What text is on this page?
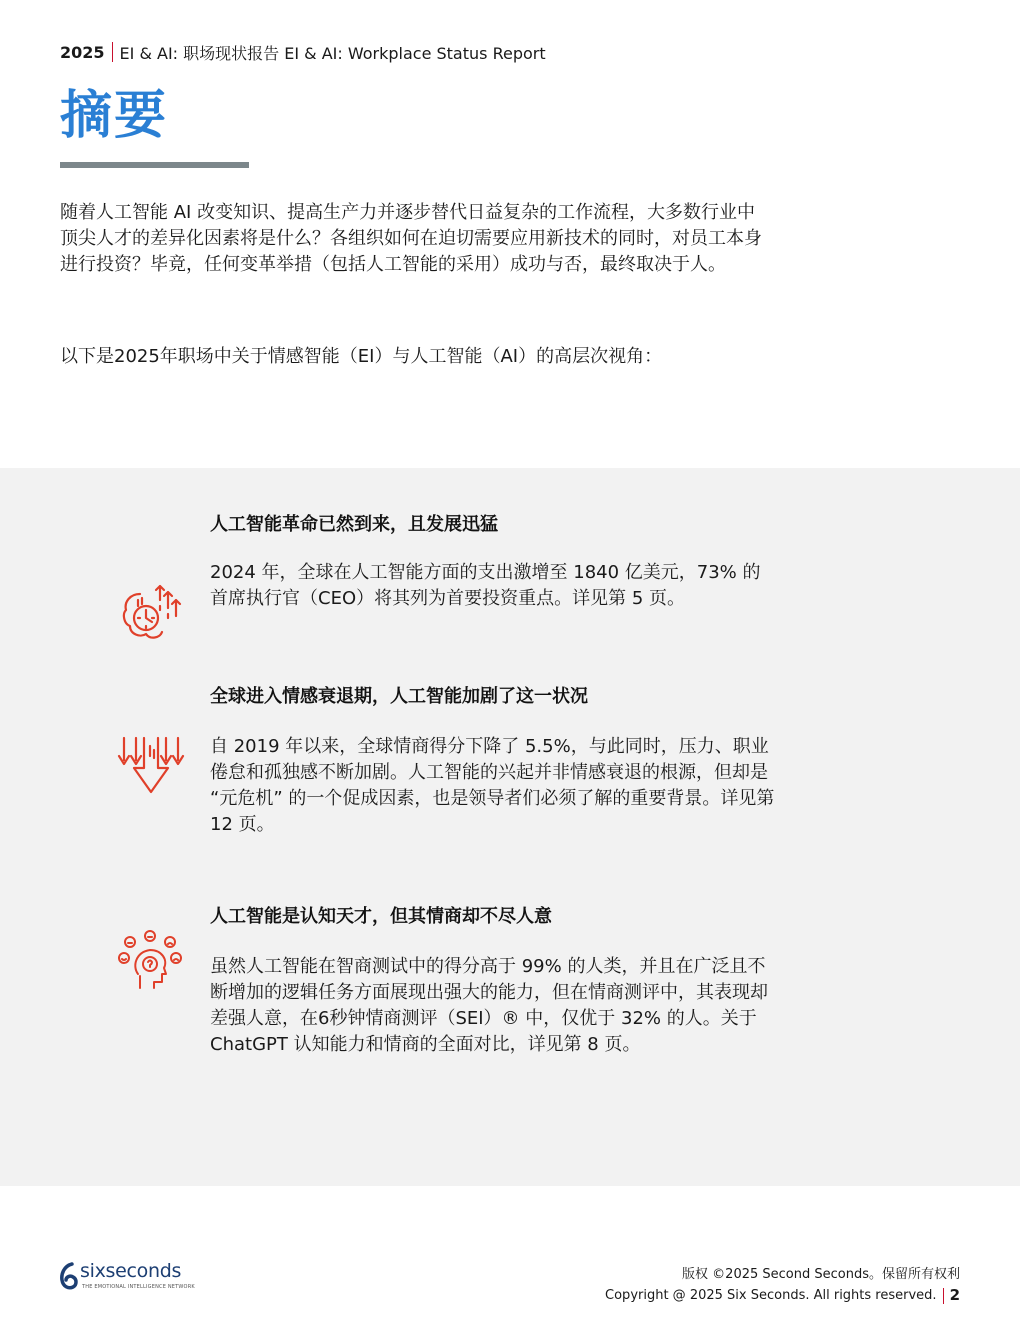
2025 EI & AI: 职场现状报告 EI & AI: Workplace Status Report
摘要

随着人工智能 AI 改变知识、提高生产力并逐步替代日益复杂的工作流程，大多数行业中顶尖人才的差异化因素将是什么？各组织如何在迫切需要应用新技术的同时，对员工本身进行投资？毕竟，任何变革举措（包括人工智能的采用）成功与否，最终取决于人。

以下是2025年职场中关于情感智能（EI）与人工智能（AI）的高层次视角：

人工智能革命已然到来，且发展迅猛
2024 年，全球在人工智能方面的支出激增至 1840 亿美元，73% 的首席执行官（CEO）将其列为首要投资重点。详见第 5 页。
全球进入情感衰退期，人工智能加剧了这一状况
自 2019 年以来，全球情商得分下降了 5.5%，与此同时，压力、职业倦怠和孤独感不断加剧。人工智能的兴起并非情感衰退的根源，但却是 “元危机” 的一个促成因素，也是领导者们必须了解的重要背景。详见第 12 页。
人工智能是认知天才，但其情商却不尽人意
虽然人工智能在智商测试中的得分高于 99% 的人类，并且在广泛且不断增加的逻辑任务方面展现出强大的能力，但在情商测评中，其表现却差强人意，在6秒钟情商测评（SEI）® 中，仅优于 32% 的人。关于 ChatGPT 认知能力和情商的全面对比，详见第 8 页。
sixseconds
THE EMOTIONAL INTELLIGENCE NETWORK
版权 ©2025 Second Seconds。保留所有权利
Copyright @ 2025 Six Seconds. All rights reserved. 2
